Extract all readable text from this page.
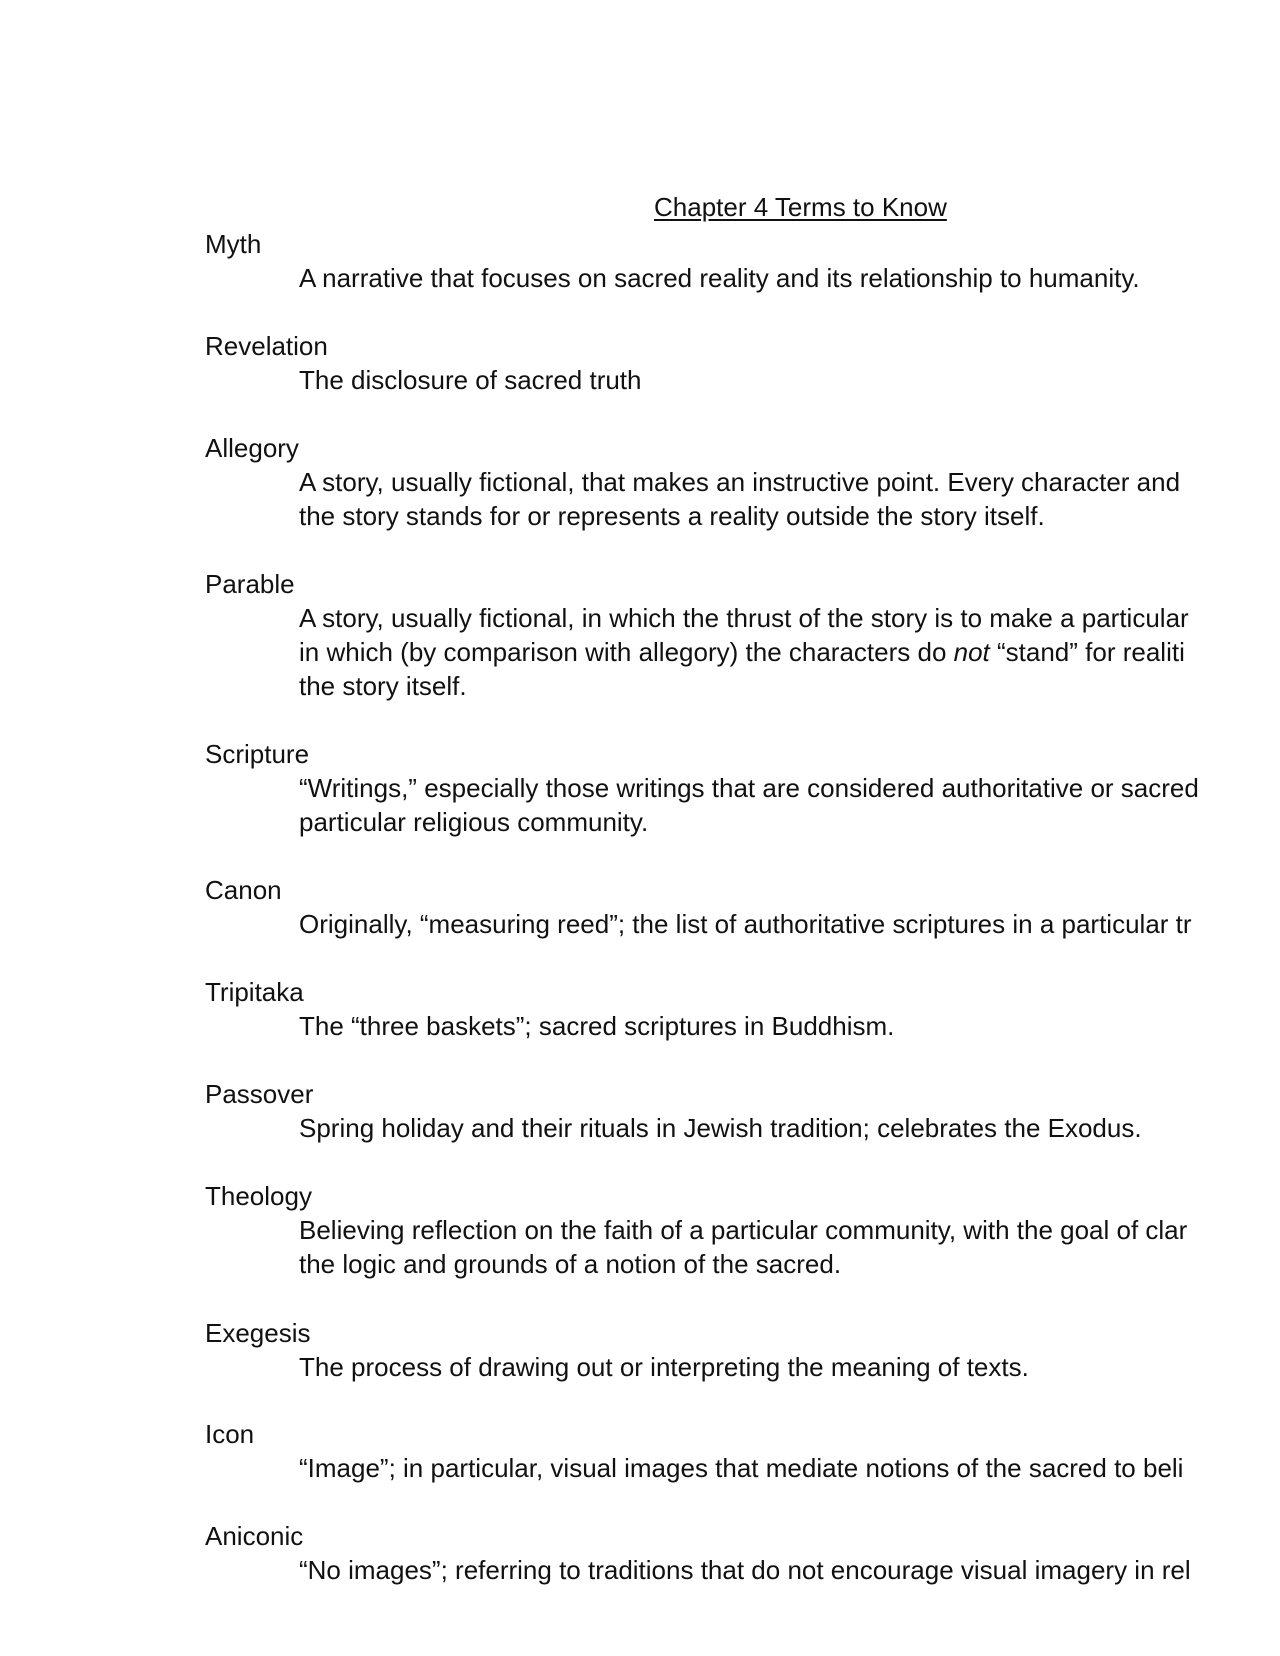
Chapter 4 Terms to Know

Myth

A narrative that focuses on sacred reality and its relationship to humanity.

Revelation

The disclosure of sacred truth

Allegory

A story, usually fictional, that makes an instructive point. Every character and
the story stands for or represents a reality outside the story itself.

Parable

A story, usually fictional, in which the thrust of the story is to make a particular
in which (by comparison with allegory) the characters do not “stand” for realiti
the story itself.

Scripture

“Writings,” especially those writings that are considered authoritative or sacred
particular religious community.

Canon

Originally, “measuring reed”; the list of authoritative scriptures in a particular tr

Tripitaka

The “three baskets”; sacred scriptures in Buddhism.

Passover

Spring holiday and their rituals in Jewish tradition; celebrates the Exodus.

Theology

Believing reflection on the faith of a particular community, with the goal of clar
the logic and grounds of a notion of the sacred.

Exegesis

The process of drawing out or interpreting the meaning of texts.

Icon

“Image”; in particular, visual images that mediate notions of the sacred to beli

Aniconic

“No images”; referring to traditions that do not encourage visual imagery in rel
